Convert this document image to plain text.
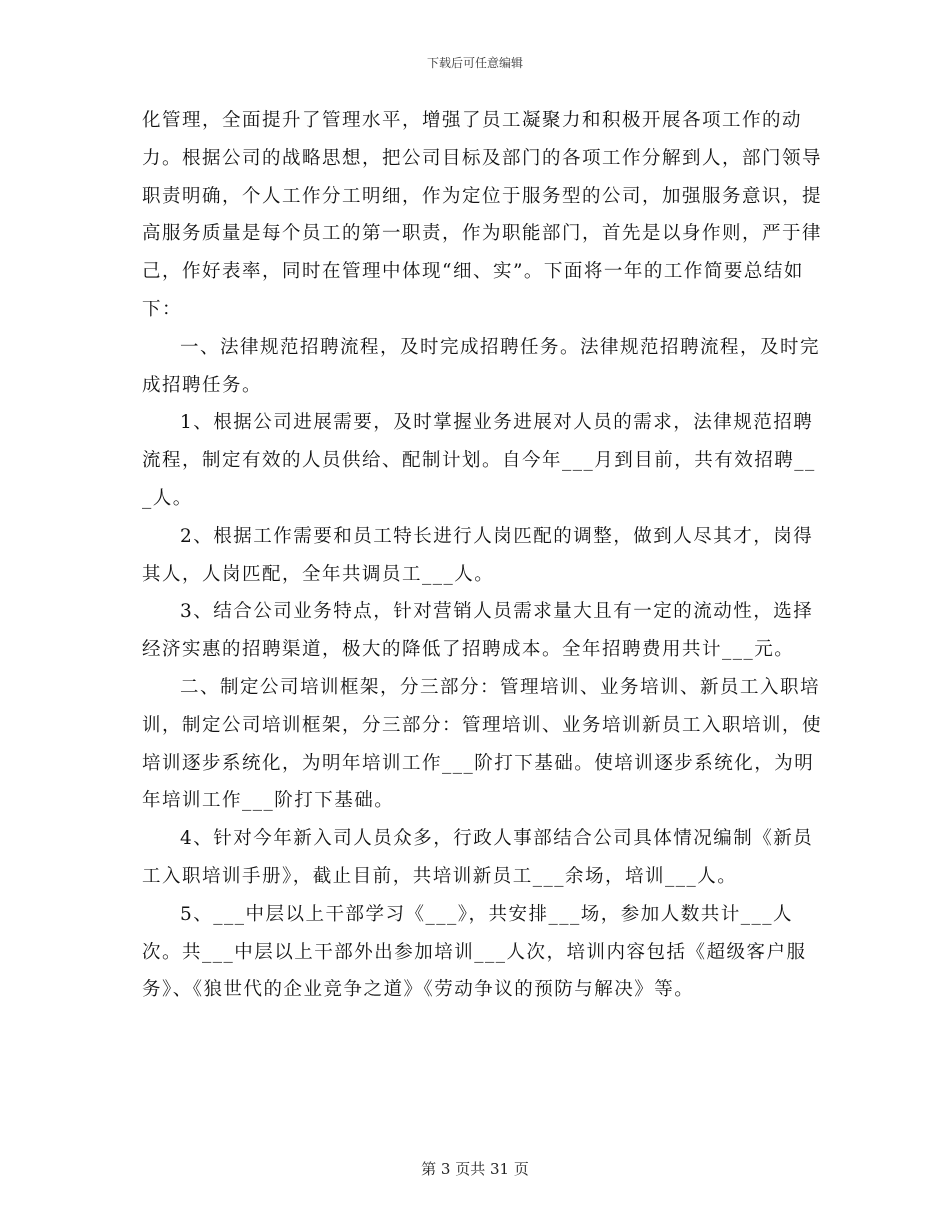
下载后可任意编辑

化管理，全面提升了管理水平，增强了员工凝聚力和积极开展各项工作的动力。根据公司的战略思想，把公司目标及部门的各项工作分解到人，部门领导职责明确，个人工作分工明细，作为定位于服务型的公司，加强服务意识，提高服务质量是每个员工的第一职责，作为职能部门，首先是以身作则，严于律己，作好表率，同时在管理中体现“细、实”。下面将一年的工作简要总结如下：

一、法律规范招聘流程，及时完成招聘任务。法律规范招聘流程，及时完成招聘任务。

1、根据公司进展需要，及时掌握业务进展对人员的需求，法律规范招聘流程，制定有效的人员供给、配制计划。自今年___月到目前，共有效招聘___人。

2、根据工作需要和员工特长进行人岗匹配的调整，做到人尽其才，岗得其人，人岗匹配，全年共调员工___人。

3、结合公司业务特点，针对营销人员需求量大且有一定的流动性，选择经济实惠的招聘渠道，极大的降低了招聘成本。全年招聘费用共计___元。

二、制定公司培训框架，分三部分：管理培训、业务培训、新员工入职培训，制定公司培训框架，分三部分：管理培训、业务培训新员工入职培训，使培训逐步系统化，为明年培训工作___阶打下基础。使培训逐步系统化，为明年培训工作___阶打下基础。

4、针对今年新入司人员众多，行政人事部结合公司具体情况编制《新员工入职培训手册》，截止目前，共培训新员工___余场，培训___人。

5、___中层以上干部学习《___》，共安排___场，参加人数共计___人次。共___中层以上干部外出参加培训___人次，培训内容包括《超级客户服务》、《狼世代的企业竞争之道》《劳动争议的预防与解决》等。

第 3 页共 31 页
